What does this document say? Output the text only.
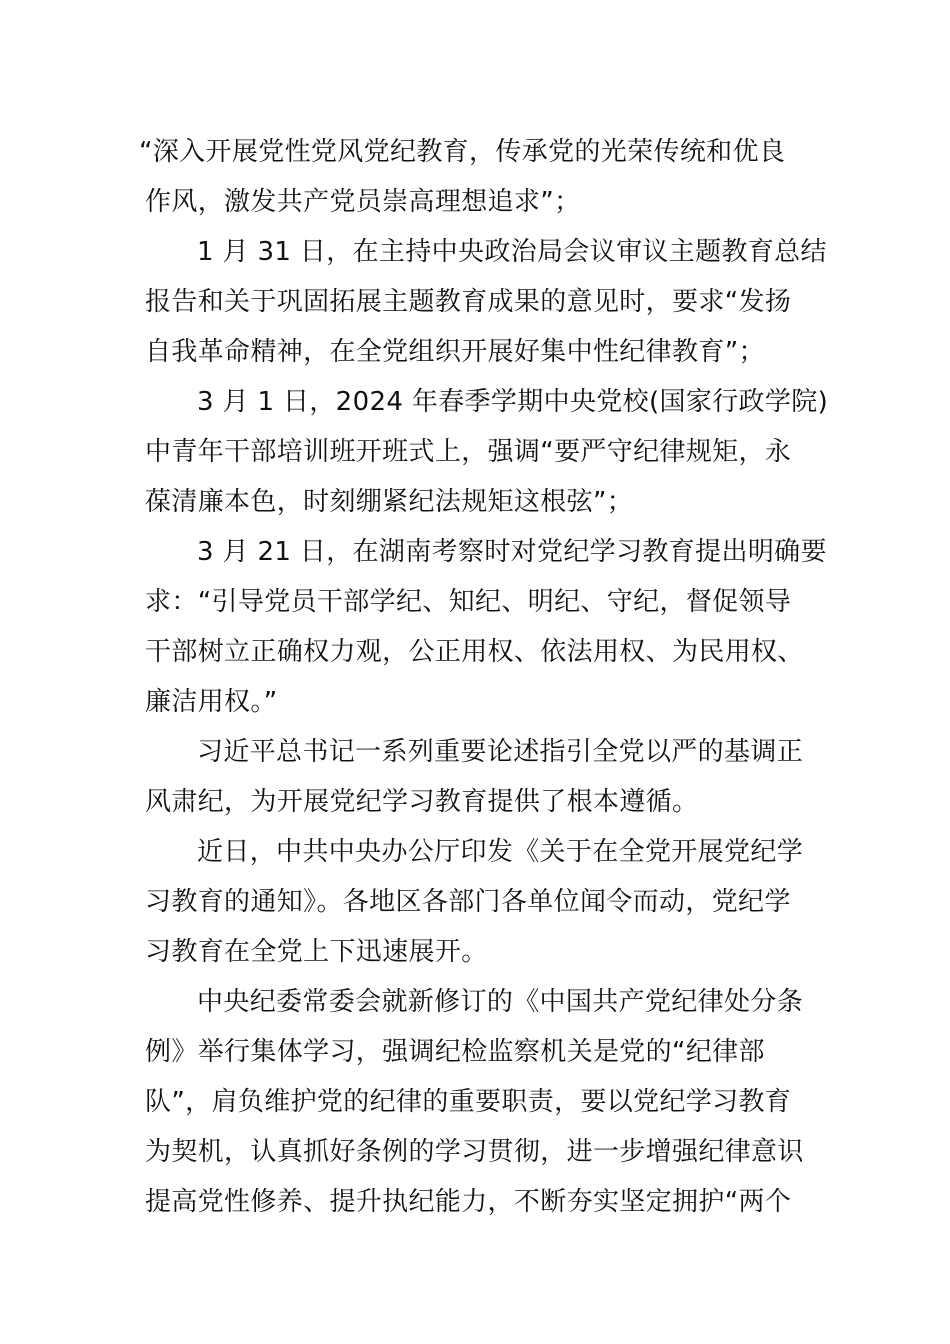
“深入开展党性党风党纪教育，传承党的光荣传统和优良
作风，激发共产党员崇高理想追求”；
1 月 31 日，在主持中央政治局会议审议主题教育总结
报告和关于巩固拓展主题教育成果的意见时，要求“发扬
自我革命精神，在全党组织开展好集中性纪律教育”；
3 月 1 日，2024 年春季学期中央党校(国家行政学院)
中青年干部培训班开班式上，强调“要严守纪律规矩，永
葆清廉本色，时刻绷紧纪法规矩这根弦”；
3 月 21 日，在湖南考察时对党纪学习教育提出明确要
求：“引导党员干部学纪、知纪、明纪、守纪，督促领导
干部树立正确权力观，公正用权、依法用权、为民用权、
廉洁用权。”
习近平总书记一系列重要论述指引全党以严的基调正
风肃纪，为开展党纪学习教育提供了根本遵循。
近日，中共中央办公厅印发《关于在全党开展党纪学
习教育的通知》。各地区各部门各单位闻令而动，党纪学
习教育在全党上下迅速展开。
中央纪委常委会就新修订的《中国共产党纪律处分条
例》举行集体学习，强调纪检监察机关是党的“纪律部
队”，肩负维护党的纪律的重要职责，要以党纪学习教育
为契机，认真抓好条例的学习贯彻，进一步增强纪律意识
提高党性修养、提升执纪能力，不断夯实坚定拥护“两个
